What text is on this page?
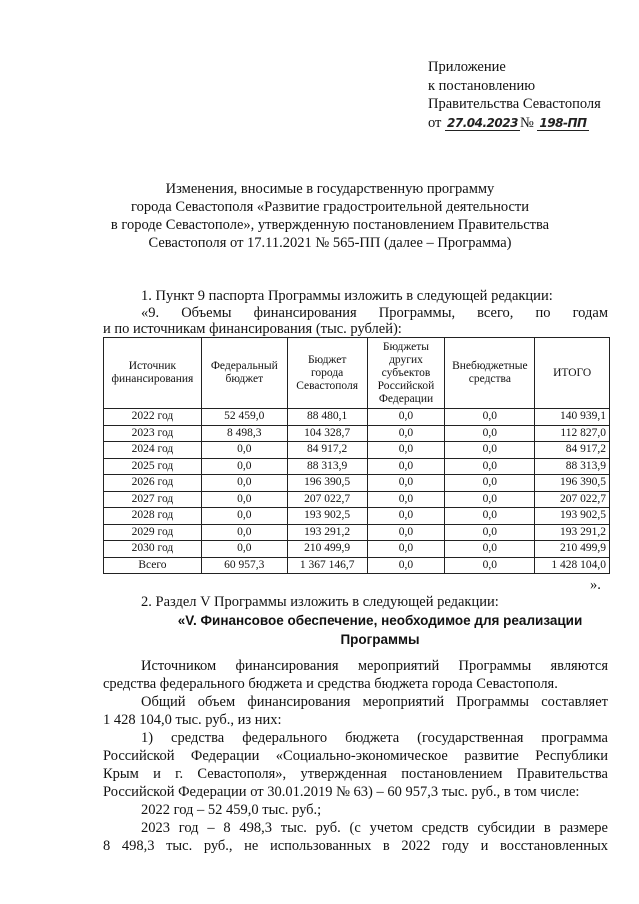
Приложение
к постановлению
Правительства Севастополя
от 27.04.2023 № 198-ПП
Изменения, вносимые в государственную программу
города Севастополя «Развитие градостроительной деятельности
в городе Севастополе», утвержденную постановлением Правительства
Севастополя от 17.11.2021 № 565-ПП (далее – Программа)
1. Пункт 9 паспорта Программы изложить в следующей редакции:
«9. Объемы финансирования Программы, всего, по годам
и по источникам финансирования (тыс. рублей):
Источник финансирования	Федеральный бюджет	Бюджет города Севастополя	Бюджеты других субъектов Российской Федерации	Внебюджетные средства	ИТОГО
2022 год	52 459,0	88 480,1	0,0	0,0	140 939,1
2023 год	8 498,3	104 328,7	0,0	0,0	112 827,0
2024 год	0,0	84 917,2	0,0	0,0	84 917,2
2025 год	0,0	88 313,9	0,0	0,0	88 313,9
2026 год	0,0	196 390,5	0,0	0,0	196 390,5
2027 год	0,0	207 022,7	0,0	0,0	207 022,7
2028 год	0,0	193 902,5	0,0	0,0	193 902,5
2029 год	0,0	193 291,2	0,0	0,0	193 291,2
2030 год	0,0	210 499,9	0,0	0,0	210 499,9
Всего	60 957,3	1 367 146,7	0,0	0,0	1 428 104,0
».
2. Раздел V Программы изложить в следующей редакции:
«V. Финансовое обеспечение, необходимое для реализации
Программы
Источником финансирования мероприятий Программы являются
средства федерального бюджета и средства бюджета города Севастополя.
Общий объем финансирования мероприятий Программы составляет
1 428 104,0 тыс. руб., из них:
1) средства федерального бюджета (государственная программа
Российской Федерации «Социально-экономическое развитие Республики
Крым и г. Севастополя», утвержденная постановлением Правительства
Российской Федерации от 30.01.2019 № 63) – 60 957,3 тыс. руб., в том числе:
2022 год – 52 459,0 тыс. руб.;
2023 год – 8 498,3 тыс. руб. (с учетом средств субсидии в размере
8 498,3 тыс. руб., не использованных в 2022 году и восстановленных
